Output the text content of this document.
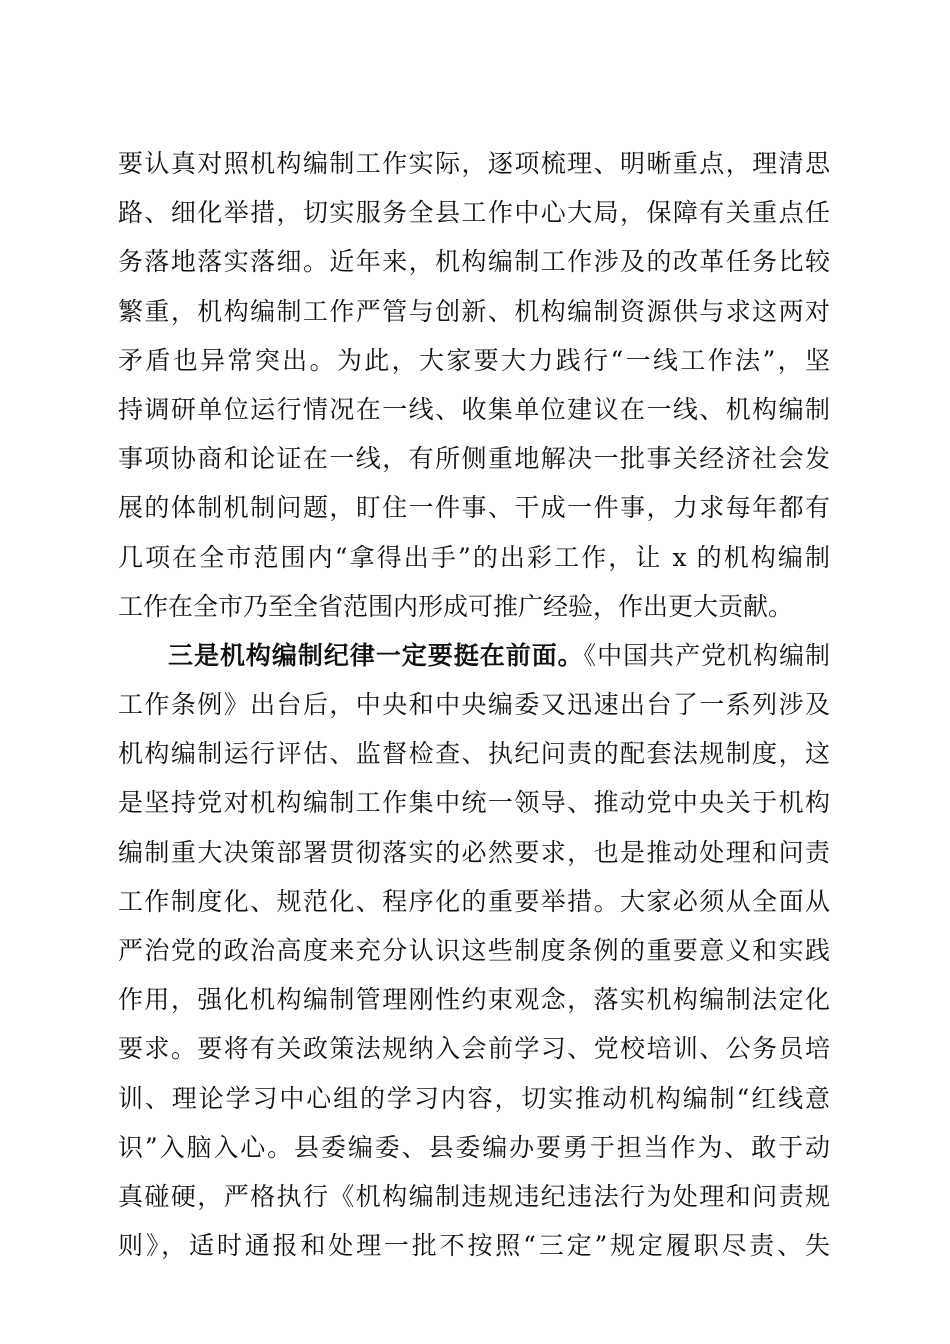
要认真对照机构编制工作实际，逐项梳理、明晰重点，理清思
路、细化举措，切实服务全县工作中心大局，保障有关重点任
务落地落实落细。近年来，机构编制工作涉及的改革任务比较
繁重，机构编制工作严管与创新、机构编制资源供与求这两对
矛盾也异常突出。为此，大家要大力践行“一线工作法”，坚
持调研单位运行情况在一线、收集单位建议在一线、机构编制
事项协商和论证在一线，有所侧重地解决一批事关经济社会发
展的体制机制问题，盯住一件事、干成一件事，力求每年都有
几项在全市范围内“拿得出手”的出彩工作，让 x 的机构编制
工作在全市乃至全省范围内形成可推广经验，作出更大贡献。
三是机构编制纪律一定要挺在前面。《中国共产党机构编制
工作条例》出台后，中央和中央编委又迅速出台了一系列涉及
机构编制运行评估、监督检查、执纪问责的配套法规制度，这
是坚持党对机构编制工作集中统一领导、推动党中央关于机构
编制重大决策部署贯彻落实的必然要求，也是推动处理和问责
工作制度化、规范化、程序化的重要举措。大家必须从全面从
严治党的政治高度来充分认识这些制度条例的重要意义和实践
作用，强化机构编制管理刚性约束观念，落实机构编制法定化
要求。要将有关政策法规纳入会前学习、党校培训、公务员培
训、理论学习中心组的学习内容，切实推动机构编制“红线意
识”入脑入心。县委编委、县委编办要勇于担当作为、敢于动
真碰硬，严格执行《机构编制违规违纪违法行为处理和问责规
则》，适时通报和处理一批不按照“三定”规定履职尽责、失
